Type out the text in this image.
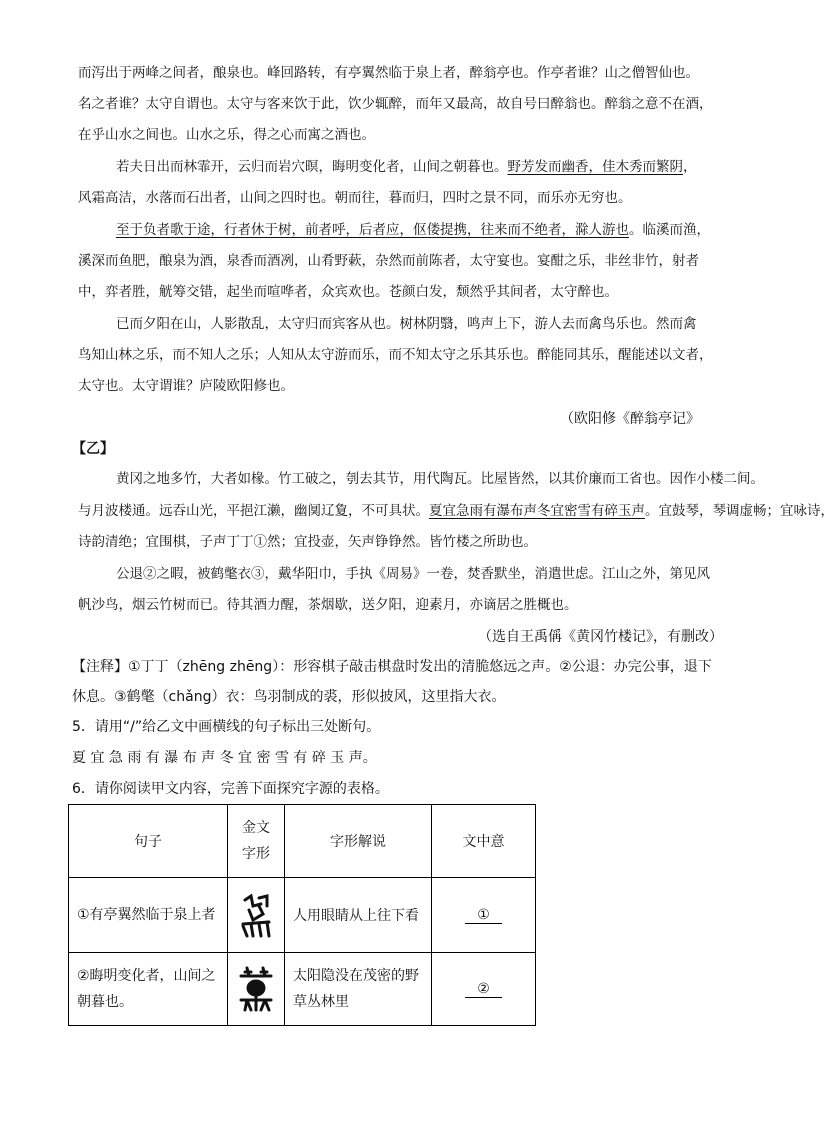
而泻出于两峰之间者，酿泉也。峰回路转，有亭翼然临于泉上者，醉翁亭也。作亭者谁？山之僧智仙也。
名之者谁？太守自谓也。太守与客来饮于此，饮少辄醉，而年又最高，故自号曰醉翁也。醉翁之意不在酒，
在乎山水之间也。山水之乐，得之心而寓之酒也。
若夫日出而林霏开，云归而岩穴暝，晦明变化者，山间之朝暮也。野芳发而幽香，佳木秀而繁阴，
风霜高洁，水落而石出者，山间之四时也。朝而往，暮而归，四时之景不同，而乐亦无穷也。
至于负者歌于途，行者休于树，前者呼，后者应，伛偻提携，往来而不绝者，滁人游也。临溪而渔，
溪深而鱼肥，酿泉为酒，泉香而酒冽，山肴野蔌，杂然而前陈者，太守宴也。宴酣之乐，非丝非竹，射者
中，弈者胜，觥筹交错，起坐而喧哗者，众宾欢也。苍颜白发，颓然乎其间者，太守醉也。
已而夕阳在山，人影散乱，太守归而宾客从也。树林阴翳，鸣声上下，游人去而禽鸟乐也。然而禽
鸟知山林之乐，而不知人之乐；人知从太守游而乐，而不知太守之乐其乐也。醉能同其乐，醒能述以文者，
太守也。太守谓谁？庐陵欧阳修也。
（欧阳修《醉翁亭记》
【乙】
黄冈之地多竹，大者如椽。竹工破之，刳去其节，用代陶瓦。比屋皆然，以其价廉而工省也。因作小楼二间。
与月波楼通。远吞山光，平挹江濑，幽阒辽夐，不可具状。夏宜急雨有瀑布声冬宜密雪有碎玉声。宜鼓琴，琴调虚畅；宜咏诗，
诗韵清绝；宜围棋，子声丁丁①然；宜投壶，矢声铮铮然。皆竹楼之所助也。
公退②之暇，被鹤氅衣③，戴华阳巾，手执《周易》一卷，焚香默坐，消遣世虑。江山之外，第见风
帆沙鸟，烟云竹树而已。待其酒力醒，茶烟歇，送夕阳，迎素月，亦谪居之胜概也。
（选自王禹偁《黄冈竹楼记》，有删改）
【注释】①丁丁（zhēng zhēng）：形容棋子敲击棋盘时发出的清脆悠远之声。②公退：办完公事，退下
休息。③鹤氅（chǎng）衣：鸟羽制成的裘，形似披风，这里指大衣。
5．请用“/”给乙文中画横线的句子标出三处断句。
夏 宜 急 雨 有 瀑 布 声 冬 宜 密 雪 有 碎 玉 声。
6．请你阅读甲文内容，完善下面探究字源的表格。
句子	金文字形	字形解说	文中意
①有亭翼然临于泉上者		人用眼睛从上往下看	①
②晦明变化者，山间之朝暮也。		太阳隐没在茂密的野草丛林里	②
